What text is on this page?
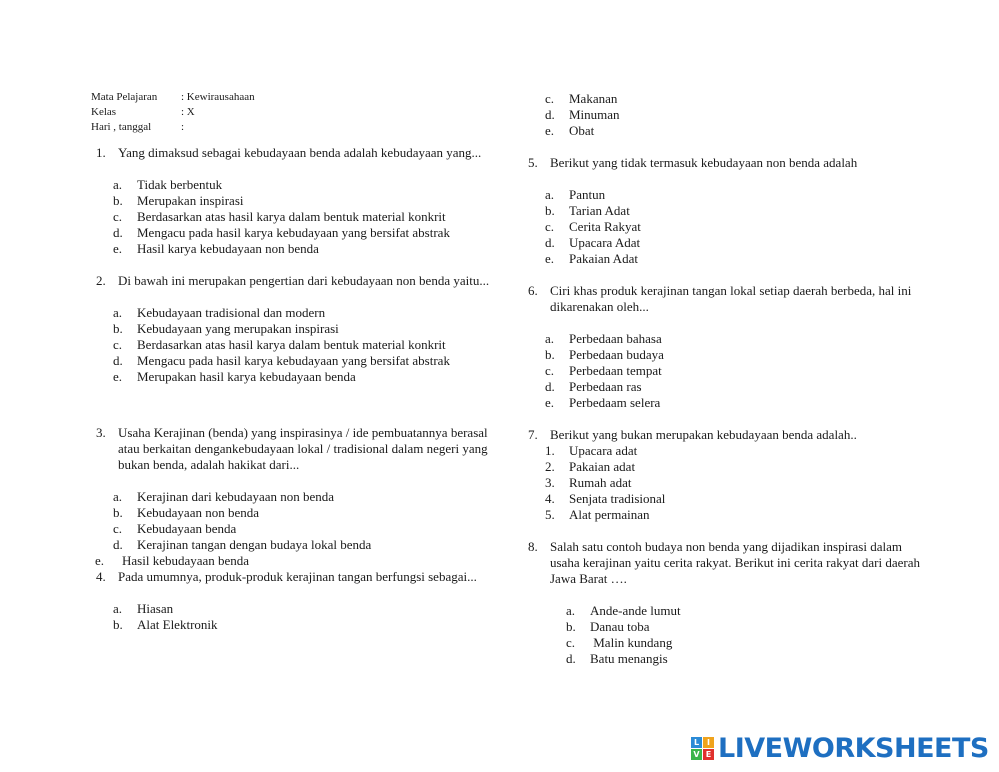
Mata Pelajaran	: Kewirausahaan
Kelas	: X
Hari , tanggal	:
1. Yang dimaksud sebagai kebudayaan benda adalah kebudayaan yang...
a.	Tidak berbentuk
b.	Merupakan inspirasi
c.	Berdasarkan atas hasil karya dalam bentuk material konkrit
d.	Mengacu pada hasil karya kebudayaan yang bersifat abstrak
e.	Hasil karya kebudayaan non benda
2. Di bawah ini merupakan pengertian dari kebudayaan non benda yaitu...
a.	Kebudayaan tradisional dan modern
b.	Kebudayaan yang merupakan inspirasi
c.	Berdasarkan atas hasil karya dalam bentuk material konkrit
d.	Mengacu pada hasil karya kebudayaan yang bersifat abstrak
e.	Merupakan hasil karya kebudayaan benda
3. Usaha Kerajinan (benda) yang inspirasinya / ide pembuatannya berasal atau berkaitan dengankebudayaan lokal / tradisional dalam negeri yang bukan benda, adalah hakikat dari...
a.	Kerajinan dari kebudayaan non benda
b.	Kebudayaan non benda
c.	Kebudayaan benda
d.	Kerajinan tangan dengan budaya lokal benda
e.	Hasil kebudayaan benda
4. Pada umumnya, produk-produk kerajinan tangan berfungsi sebagai...
a.	Hiasan
b.	Alat Elektronik
c.	Makanan
d.	Minuman
e.	Obat
5. Berikut yang tidak termasuk kebudayaan non benda adalah
a.	Pantun
b.	Tarian Adat
c.	Cerita Rakyat
d.	Upacara Adat
e.	Pakaian Adat
6. Ciri khas produk kerajinan tangan lokal setiap daerah berbeda, hal ini dikarenakan oleh...
a.	Perbedaan bahasa
b.	Perbedaan budaya
c.	Perbedaan tempat
d.	Perbedaan ras
e.	Perbedaam selera
7. Berikut yang bukan merupakan kebudayaan benda adalah..
1.	Upacara adat
2.	Pakaian adat
3.	Rumah adat
4.	Senjata tradisional
5.	Alat permainan
8. Salah satu contoh budaya non benda yang dijadikan inspirasi dalam usaha kerajinan yaitu cerita rakyat. Berikut ini cerita rakyat dari daerah Jawa Barat ….
a.	Ande-ande lumut
b.	Danau toba
c.	Malin kundang
d.	Batu menangis
L I
V E LIVEWORKSHEETS
